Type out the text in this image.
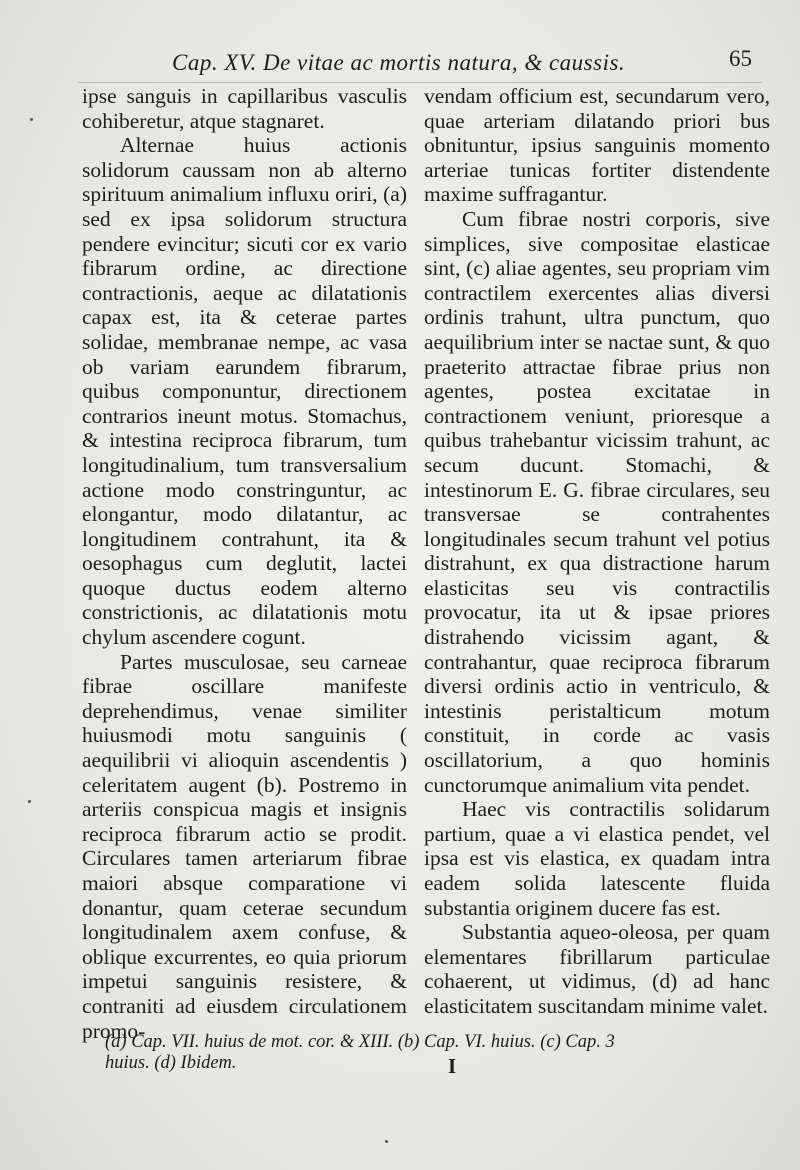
Cap. XV. De vitae ac mortis natura, & caussis.	65

ipse sanguis in capillaribus vasculis cohiberetur, atque stagnaret.

Alternae huius actionis solidorum caussam non ab alterno spirituum animalium influxu oriri, (a) sed ex ipsa solidorum structura pendere evincitur; sicuti cor ex vario fibrarum ordine, ac directione contractionis, aeque ac dilatationis capax est, ita & ceterae partes solidae, membranae nempe, ac vasa ob variam earundem fibrarum, quibus componuntur, directionem contrarios ineunt motus. Stomachus, & intestina reciproca fibrarum, tum longitudinalium, tum transversalium actione modo constringuntur, ac elongantur, modo dilatantur, ac longitudinem contrahunt, ita & oesophagus cum deglutit, lactei quoque ductus eodem alterno constrictionis, ac dilatationis motu chylum ascendere cogunt.

Partes musculosae, seu carneae fibrae oscillare manifeste deprehendimus, venae similiter huiusmodi motu sanguinis ( aequilibrii vi alioquin ascendentis ) celeritatem augent (b). Postremo in arteriis conspicua magis et insignis reciproca fibrarum actio se prodit. Circulares tamen arteriarum fibrae maiori absque comparatione vi donantur, quam ceterae secundum longitudinalem axem confuse, & oblique excurrentes, eo quia priorum impetui sanguinis resistere, & contraniti ad eiusdem circulationem promo-

vendam officium est, secundarum vero, quae arteriam dilatando priori bus obnituntur, ipsius sanguinis momento arteriae tunicas fortiter distendente maxime suffragantur.

Cum fibrae nostri corporis, sive simplices, sive compositae elasticae sint, (c) aliae agentes, seu propriam vim contractilem exercentes alias diversi ordinis trahunt, ultra punctum, quo aequilibrium inter se nactae sunt, & quo praeterito attractae fibrae prius non agentes, postea excitatae in contractionem veniunt, prioresque a quibus trahebantur vicissim trahunt, ac secum ducunt. Stomachi, & intestinorum E. G. fibrae circulares, seu transversae se contrahentes longitudinales secum trahunt vel potius distrahunt, ex qua distractione harum elasticitas seu vis contractilis provocatur, ita ut & ipsae priores distrahendo vicissim agant, & contrahantur, quae reciproca fibrarum diversi ordinis actio in ventriculo, & intestinis peristalticum motum constituit, in corde ac vasis oscillatorium, a quo hominis cunctorumque animalium vita pendet.

Haec vis contractilis solidarum partium, quae a vi elastica pendet, vel ipsa est vis elastica, ex quadam intra eadem solida latescente fluida substantia originem ducere fas est.

Substantia aqueo-oleosa, per quam elementares fibrillarum particulae cohaerent, ut vidimus, (d) ad hanc elasticitatem suscitandam minime valet.

(a) Cap. VII. huius de mot. cor. & XIII. (b) Cap. VI. huius. (c) Cap. 3
huius. (d) Ibidem.	I
